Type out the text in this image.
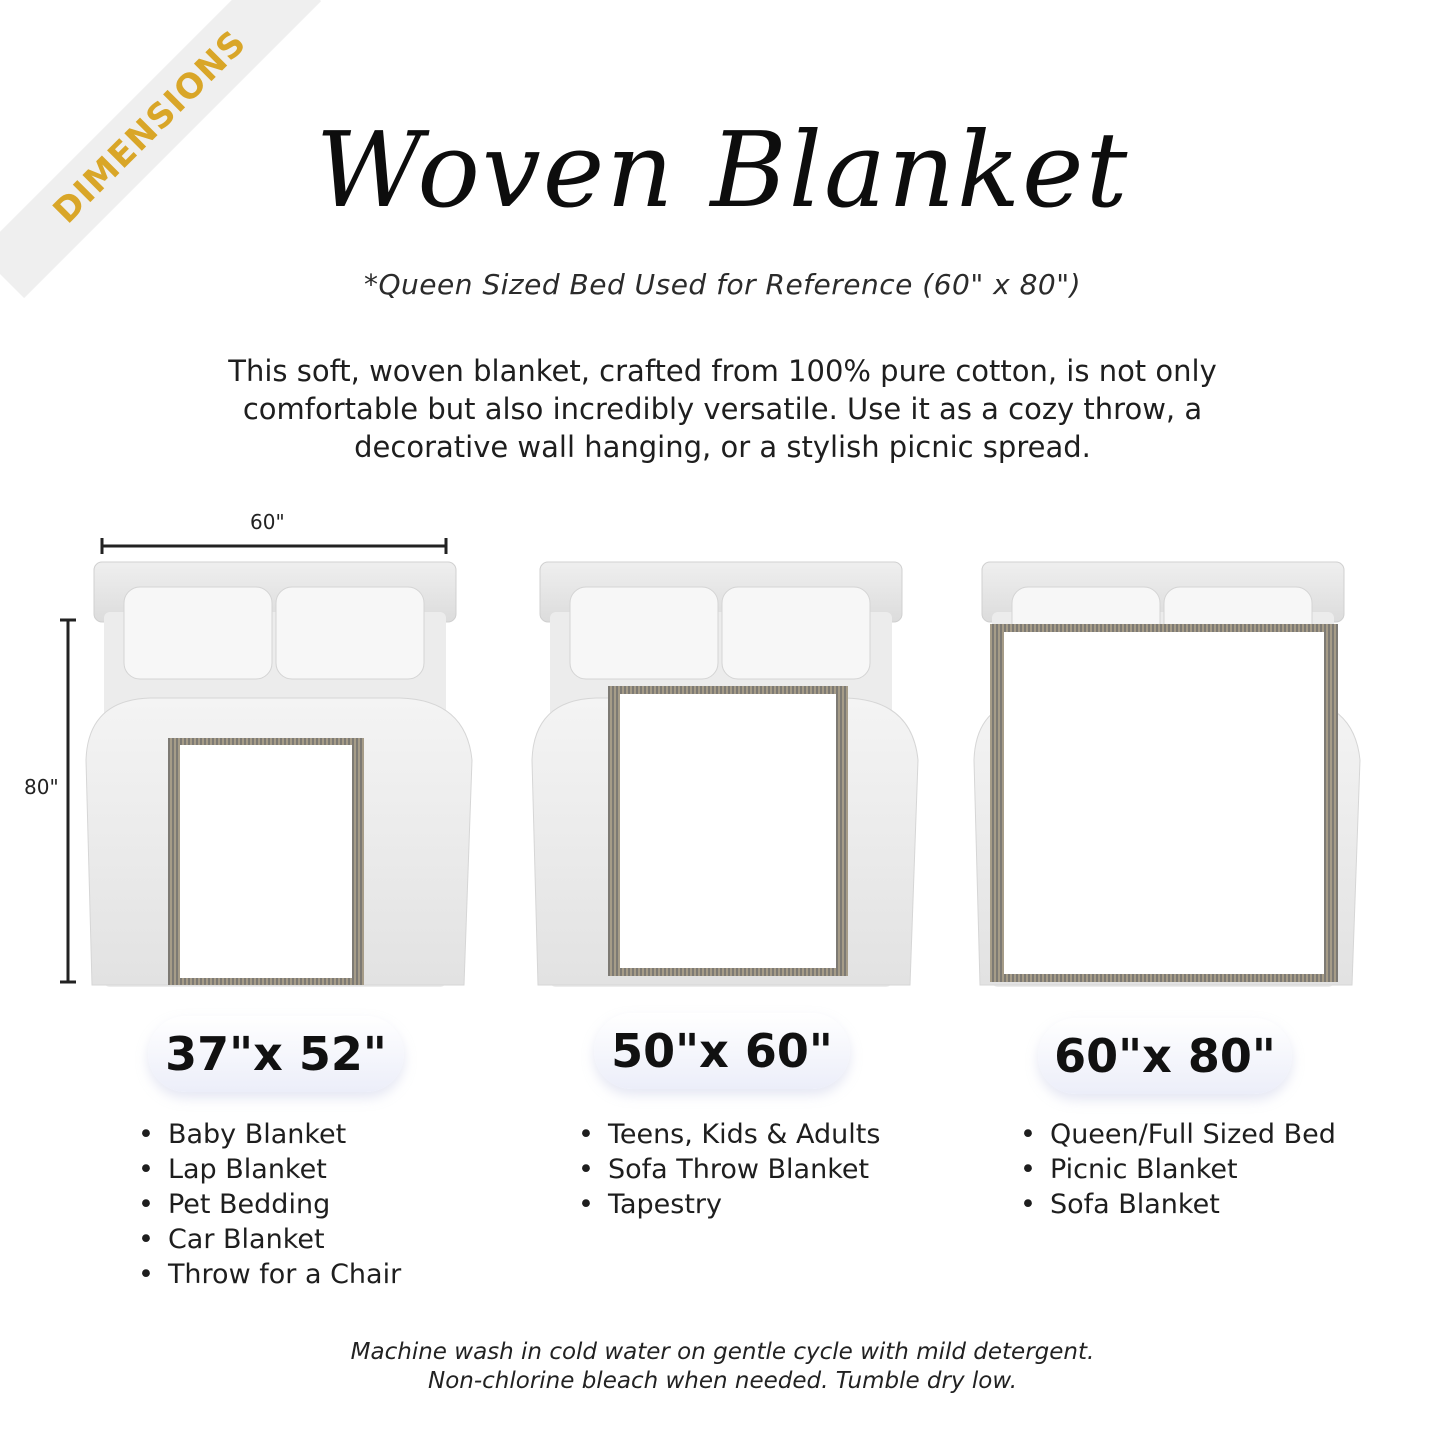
DIMENSIONS Woven Blanket
*Queen Sized Bed Used for Reference (60" x 80")
This soft, woven blanket, crafted from 100% pure cotton, is not only comfortable but also incredibly versatile. Use it as a cozy throw, a decorative wall hanging, or a stylish picnic spread.
60"
80"
37"x 52"	50"x 60"	60"x 80"
• Baby Blanket
• Lap Blanket
• Pet Bedding
• Car Blanket
• Throw for a Chair
• Teens, Kids & Adults
• Sofa Throw Blanket
• Tapestry
• Queen/Full Sized Bed
• Picnic Blanket
• Sofa Blanket
Machine wash in cold water on gentle cycle with mild detergent.
Non-chlorine bleach when needed. Tumble dry low.
